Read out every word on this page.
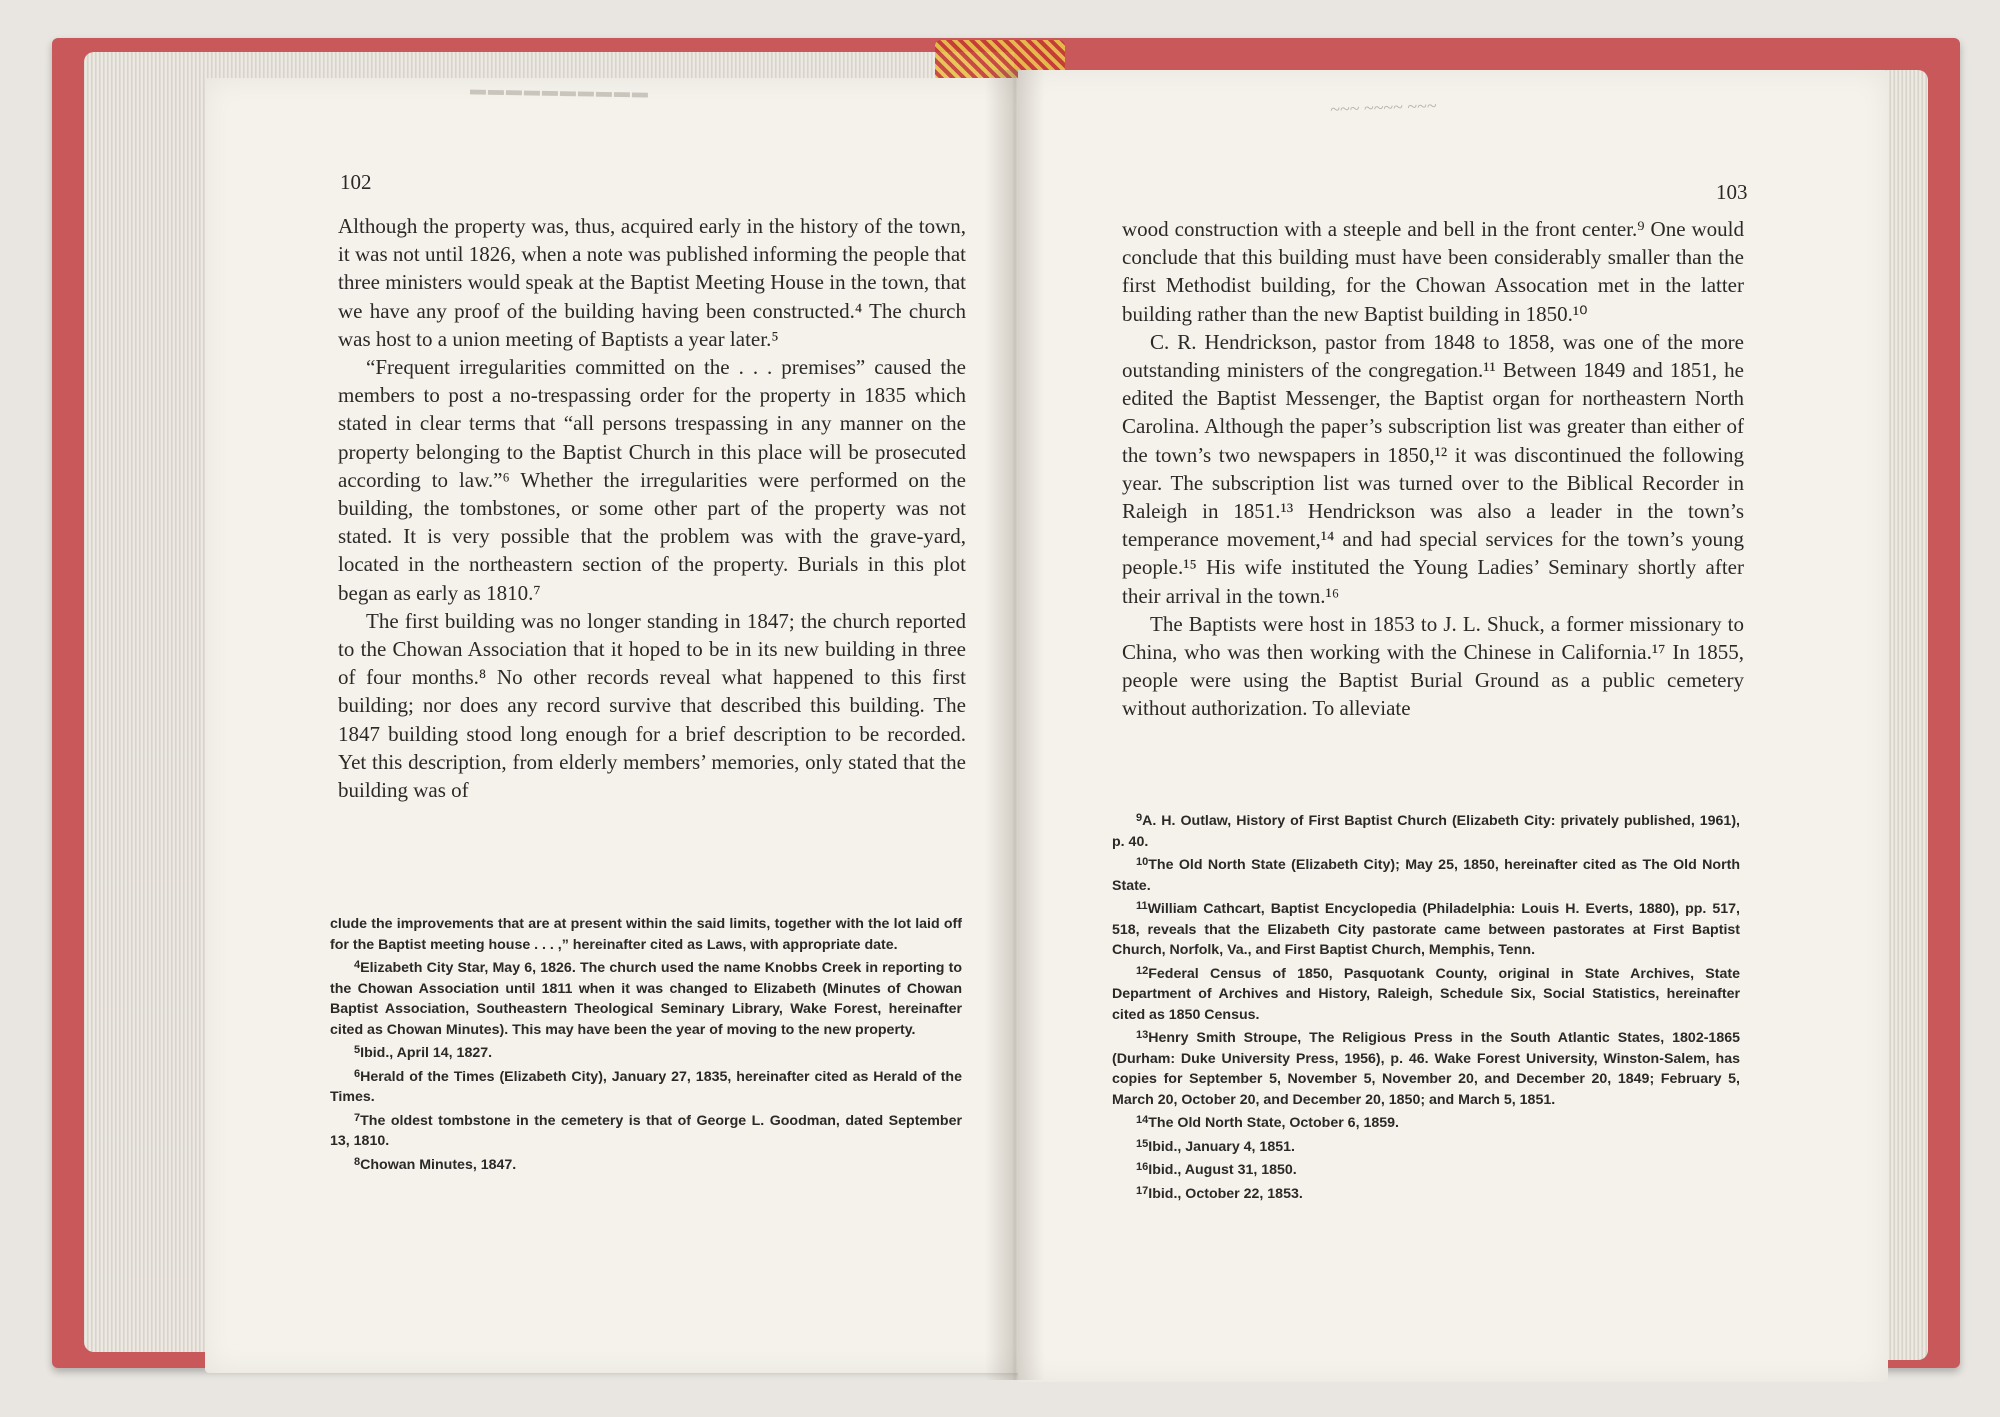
▬▬▬▬▬▬▬▬▬▬
~~~ ~~~~ ~~~
102

Although the property was, thus, acquired early in the history of the town, it was not until 1826, when a note was published informing the people that three ministers would speak at the Baptist Meeting House in the town, that we have any proof of the building having been constructed.⁴ The church was host to a union meeting of Baptists a year later.⁵

“Frequent irregularities committed on the . . . premises” caused the members to post a no-trespassing order for the property in 1835 which stated in clear terms that “all persons trespassing in any manner on the property belonging to the Baptist Church in this place will be prosecuted according to law.”⁶ Whether the irregularities were performed on the building, the tombstones, or some other part of the property was not stated. It is very possible that the problem was with the grave-yard, located in the northeastern section of the property. Burials in this plot began as early as 1810.⁷

The first building was no longer standing in 1847; the church reported to the Chowan Association that it hoped to be in its new building in three of four months.⁸ No other records reveal what happened to this first building; nor does any record survive that described this building. The 1847 building stood long enough for a brief description to be recorded. Yet this description, from elderly members’ memories, only stated that the building was of

clude the improvements that are at present within the said limits, together with the lot laid off for the Baptist meeting house . . . ,” hereinafter cited as Laws, with appropriate date.

$^4$Elizabeth City Star, May 6, 1826. The church used the name Knobbs Creek in reporting to the Chowan Association until 1811 when it was changed to Elizabeth (Minutes of Chowan Baptist Association, Southeastern Theological Seminary Library, Wake Forest, hereinafter cited as Chowan Minutes). This may have been the year of moving to the new property.

$^5$Ibid., April 14, 1827.

$^6$Herald of the Times (Elizabeth City), January 27, 1835, hereinafter cited as Herald of the Times.

$^7$The oldest tombstone in the cemetery is that of George L. Goodman, dated September 13, 1810.

$^8$Chowan Minutes, 1847.

103

wood construction with a steeple and bell in the front center.⁹ One would conclude that this building must have been considerably smaller than the first Methodist building, for the Chowan Assocation met in the latter building rather than the new Baptist building in 1850.¹⁰

C. R. Hendrickson, pastor from 1848 to 1858, was one of the more outstanding ministers of the congregation.¹¹ Between 1849 and 1851, he edited the Baptist Messenger, the Baptist organ for northeastern North Carolina. Although the paper’s subscription list was greater than either of the town’s two newspapers in 1850,¹² it was discontinued the following year. The subscription list was turned over to the Biblical Recorder in Raleigh in 1851.¹³ Hendrickson was also a leader in the town’s temperance movement,¹⁴ and had special services for the town’s young people.¹⁵ His wife instituted the Young Ladies’ Seminary shortly after their arrival in the town.¹⁶

The Baptists were host in 1853 to J. L. Shuck, a former missionary to China, who was then working with the Chinese in California.¹⁷ In 1855, people were using the Baptist Burial Ground as a public cemetery without authorization. To alleviate

$^9$A. H. Outlaw, History of First Baptist Church (Elizabeth City: privately published, 1961), p. 40.

$^{10}$The Old North State (Elizabeth City); May 25, 1850, hereinafter cited as The Old North State.

$^{11}$William Cathcart, Baptist Encyclopedia (Philadelphia: Louis H. Everts, 1880), pp. 517, 518, reveals that the Elizabeth City pastorate came between pastorates at First Baptist Church, Norfolk, Va., and First Baptist Church, Memphis, Tenn.

$^{12}$Federal Census of 1850, Pasquotank County, original in State Archives, State Department of Archives and History, Raleigh, Schedule Six, Social Statistics, hereinafter cited as 1850 Census.

$^{13}$Henry Smith Stroupe, The Religious Press in the South Atlantic States, 1802-1865 (Durham: Duke University Press, 1956), p. 46. Wake Forest University, Winston-Salem, has copies for September 5, November 5, November 20, and December 20, 1849; February 5, March 20, October 20, and December 20, 1850; and March 5, 1851.

$^{14}$The Old North State, October 6, 1859.

$^{15}$Ibid., January 4, 1851.

$^{16}$Ibid., August 31, 1850.

$^{17}$Ibid., October 22, 1853.
